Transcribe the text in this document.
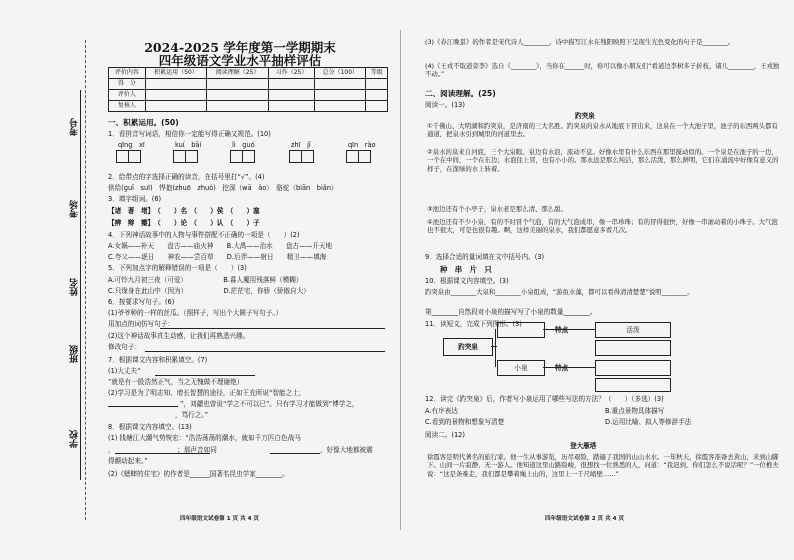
考号
考场
姓名
班级
学校
2024-2025 学年度第一学期期末
四年级语文学业水平抽样评估
评价内容	积累运用（50）	阅读理解（25）	习作（25）	总分（100）	等级
得　分					
评价人					
复核人					
一、积累运用。(50)
1．看拼音写词语，相信你一定能写得正确又规范。(10)
qīng　xī	kuí　bāi	lì　guó	zhī　jǐ	qīn　rào
2．给带点的字选择正确的读音，在括号里打“√”。(4)
供给(ɡuǐ　suī)　悍抱(zhuō　zhuó)　挖深（wā　ǎo）　骆驼（biān　biǎn）
3．填字组词。(6)
【诸　著　堵】　（　　）名　（　　）侯　（　　）塞
【辨　辩　瓣】　（　　）论　（　　）认　（　　）子
4．下列神话故事中的人物与事件搭配不正确的一项是（　　）(2)
A.女娲——补天　　盘古——庙火神　　B.大禹——治水　　盘古——开天地
C.夸父——逐日　　神农——尝百草　　D.后羿——射日　　精卫——填海
5．下列加点字的解释错误的一项是（　　）(3)
A.可怜九月初三夜（可爱）　　　　　　B.暮人魔用残落鲜（模糊）
C.只缘身在此山中（因为）　　　　　　D.茫茫宅，你骄（骄傲自大）
6．按要求写句子。(6)
(1)爷爷种的一样的丝瓜。（照样子，写出个大圆子写句子。）
用加点的词仿写句子：
(2)这个神话故事真生动感，让我们再熟悉兴趣。
修改句子：
7．根据课文内容和积累填空。(7)
(1)大丈夫“
”就是有一股浩然正气，当之无愧做不理谢绝）
(2)学习是为了明志知、增长智慧的途径，正如王充所说“智能之士，
”，刘勰也曾说“学之不可以已”。只有学习才能做到“博学之，
，笃行之。”
8．根据课文内容填空。(13)
(1) 钱塘江大潮气势恢宏：“浩浩荡荡的潮水，就如千万匹白色战马
，　　　　　　　　　　；那声音如同	，好像大地都被震
得颤动起来。”
(2)《蟋蟀的住宅》的作者是______国著名昆虫学家________。
四年级语文试卷第 1 页 共 4 页
(3)《春江晚景》的作者是宋代诗人________，诗中描写江水在残阳映照下呈现生光色变化的句子是________。
(4)《王戎不取道旁李》选自《________》，当你在______时，你可以像小朋友们“看道边李树多子折枝，诸儿________，王戎独不动。”
二、阅读理解。(25)
阅读一。(13)
趵突泉
①千佛山、大明湖和趵突泉，是济南的三大名胜。趵突泉的泉水从地底下冒出来，这泉在一个大池子里，池子的东西两头都有通道，把泉水引到城里的河道里去。
②泉水的泉来自河底，三个大泉眼。泉边有水浪，流动不息。好像水里有什么东西在那里搅动似的。一个泉是在池子的一边，一个在中间，一个在东边；水泡往上冒，也有小小的。那永远是那么纯洁，那么活泼，那么鲜明，它们在涌流中好像有意义的样子，在深绿的水上转着。
③池边还有个小亭子，泉水老是那么清、那么甜。
④池边还有不少小泉，有的不时冒个气泡，有的大气泡成串，像一串珍珠；有的冒得很快，好像一串滚动着的小珠子。大气泡也不很大，可是也很有趣。啊，这样美丽的泉水，我们都愿意多看几次。
9．选择合适的量词填在文中括号内。(3)
种　串　片　只
10．根据课文内容填空。(3)
趵突泉由________大泉和________小泉组成，“游鱼水藻，都可以看得清清楚楚”说明________。
第________自然段对小泉的描写写了小泉的数量________。
11．读短文，完成下列图形。(3)
趵突泉
小泉
特点
特点
活泼
12．读完《趵突泉》后，作者写小泉运用了哪些写法的方法？（　　）（多选）(3)
A.有序表达	B.重点景物具体描写
C.看到的景物和想象写清楚	D.运用比喻、拟人等修辞手法
阅读二。(12)
登大雁塔
徐霞客是明代著名的旅行家。他一生从事游览，历尽艰险，踏遍了我国的山山水水。一年秋天，徐霞客准备去黄山，来到山脚下。山间一片寂静，无一游人。他知道这里山路险峻，很想找一位熟悉的人，问道：“我迟到，你们怎么不说话呢？”一位樵夫说：“这是条难走，我们都是攀着绳上山的，这里上一千尺峭壁……”
四年级语文试卷第 2 页 共 4 页
